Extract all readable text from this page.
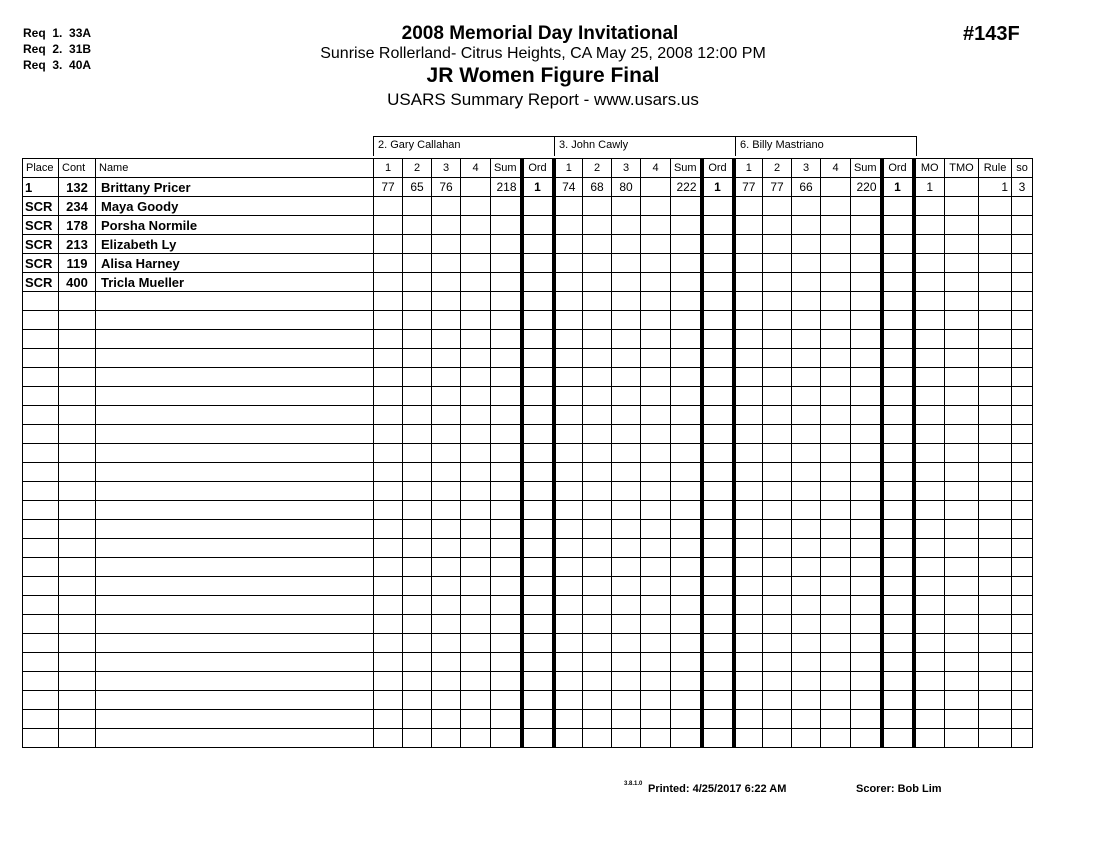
Req  1.  33A
Req  2.  31B
Req  3.  40A
#143F
2008 Memorial Day Invitational
Sunrise Rollerland- Citrus Heights, CA May 25, 2008 12:00 PM
JR Women Figure Final
USARS Summary Report - www.usars.us
2. Gary Callahan	3. John Cawly	6. Billy Mastriano
Place	Cont	Name	1	2	3	4	Sum	Ord	1	2	3	4	Sum	Ord	1	2	3	4	Sum	Ord	MO	TMO	Rule	so
1	132	Brittany Pricer	77	65	76		218	1	74	68	80		222	1	77	77	66		220	1	1		1	3
SCR	234	Maya Goody																						
SCR	178	Porsha Normile																						
SCR	213	Elizabeth Ly																						
SCR	119	Alisa Harney																						
SCR	400	Tricla Mueller																						

3.8.1.0 Printed: 4/25/2017 6:22 AM	Scorer: Bob Lim
